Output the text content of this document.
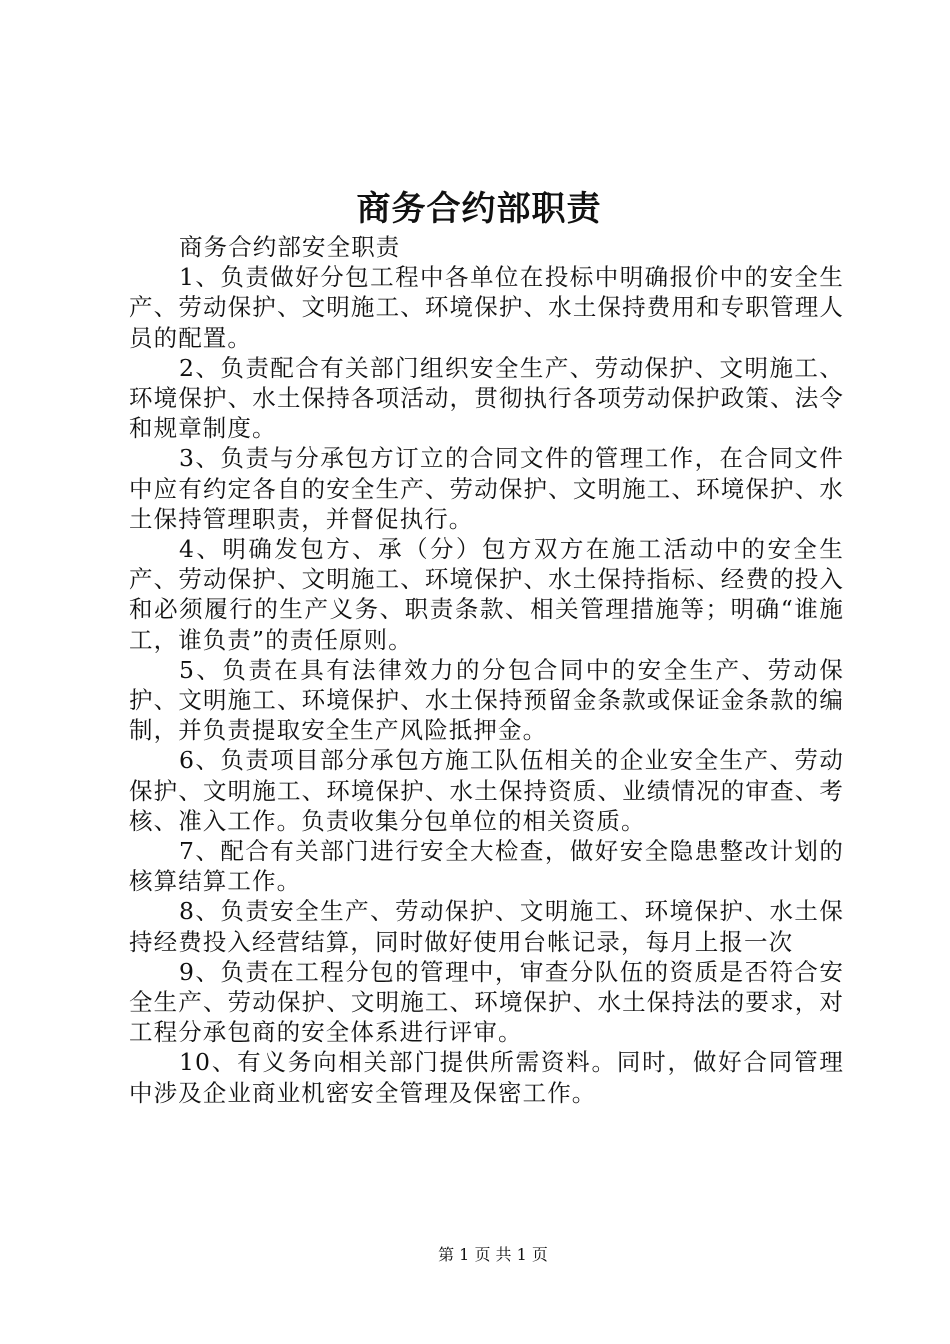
商务合约部职责

商务合约部安全职责

1、负责做好分包工程中各单位在投标中明确报价中的安全生产、劳动保护、文明施工、环境保护、水土保持费用和专职管理人员的配置。

2、负责配合有关部门组织安全生产、劳动保护、文明施工、环境保护、水土保持各项活动，贯彻执行各项劳动保护政策、法令和规章制度。

3、负责与分承包方订立的合同文件的管理工作，在合同文件中应有约定各自的安全生产、劳动保护、文明施工、环境保护、水土保持管理职责，并督促执行。

4、明确发包方、承（分）包方双方在施工活动中的安全生产、劳动保护、文明施工、环境保护、水土保持指标、经费的投入和必须履行的生产义务、职责条款、相关管理措施等；明确“谁施工，谁负责”的责任原则。

5、负责在具有法律效力的分包合同中的安全生产、劳动保护、文明施工、环境保护、水土保持预留金条款或保证金条款的编制，并负责提取安全生产风险抵押金。

6、负责项目部分承包方施工队伍相关的企业安全生产、劳动保护、文明施工、环境保护、水土保持资质、业绩情况的审查、考核、准入工作。负责收集分包单位的相关资质。

7、配合有关部门进行安全大检查，做好安全隐患整改计划的核算结算工作。

8、负责安全生产、劳动保护、文明施工、环境保护、水土保持经费投入经营结算，同时做好使用台帐记录，每月上报一次

9、负责在工程分包的管理中，审查分队伍的资质是否符合安全生产、劳动保护、文明施工、环境保护、水土保持法的要求，对工程分承包商的安全体系进行评审。

10、有义务向相关部门提供所需资料。同时，做好合同管理中涉及企业商业机密安全管理及保密工作。

第 1 页 共 1 页
